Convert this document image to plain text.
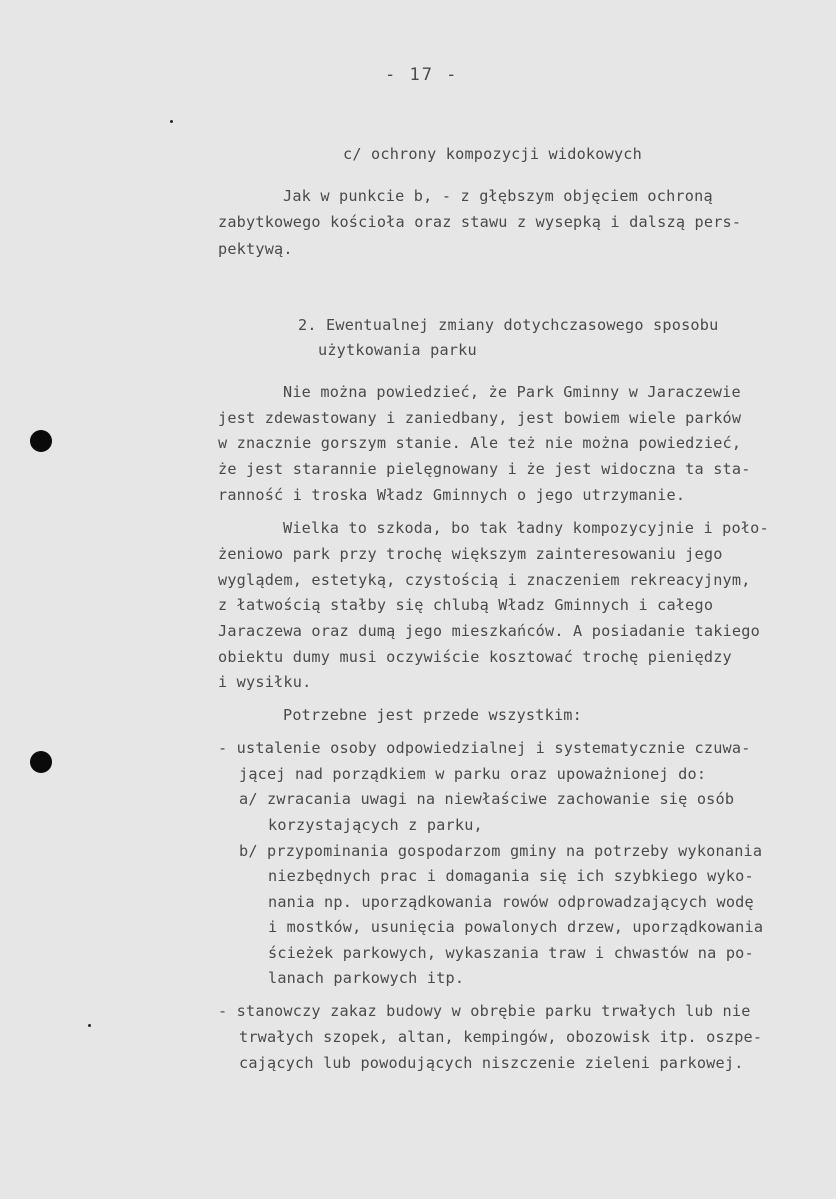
- 17 -
c/ ochrony kompozycji widokowych
Jak w punkcie b, - z głębszym objęciem ochroną
zabytkowego kościoła oraz stawu z wysepką i dalszą pers-
pektywą.
2. Ewentualnej zmiany dotychczasowego sposobu
użytkowania parku
Nie można powiedzieć, że Park Gminny w Jaraczewie
jest zdewastowany i zaniedbany, jest bowiem wiele parków
w znacznie gorszym stanie. Ale też nie można powiedzieć,
że jest starannie pielęgnowany i że jest widoczna ta sta-
ranność i troska Władz Gminnych o jego utrzymanie.
Wielka to szkoda, bo tak ładny kompozycyjnie i poło-
żeniowo park przy trochę większym zainteresowaniu jego
wyglądem, estetyką, czystością i znaczeniem rekreacyjnym,
z łatwością stałby się chlubą Władz Gminnych i całego
Jaraczewa oraz dumą jego mieszkańców. A posiadanie takiego
obiektu dumy musi oczywiście kosztować trochę pieniędzy
i wysiłku.
Potrzebne jest przede wszystkim:
- ustalenie osoby odpowiedzialnej i systematycznie czuwa-
jącej nad porządkiem w parku oraz upoważnionej do:
a/ zwracania uwagi na niewłaściwe zachowanie się osób
korzystających z parku,
b/ przypominania gospodarzom gminy na potrzeby wykonania
niezbędnych prac i domagania się ich szybkiego wyko-
nania np. uporządkowania rowów odprowadzających wodę
i mostków, usunięcia powalonych drzew, uporządkowania
ścieżek parkowych, wykaszania traw i chwastów na po-
lanach parkowych itp.
- stanowczy zakaz budowy w obrębie parku trwałych lub nie
trwałych szopek, altan, kempingów, obozowisk itp. oszpe-
cających lub powodujących niszczenie zieleni parkowej.
